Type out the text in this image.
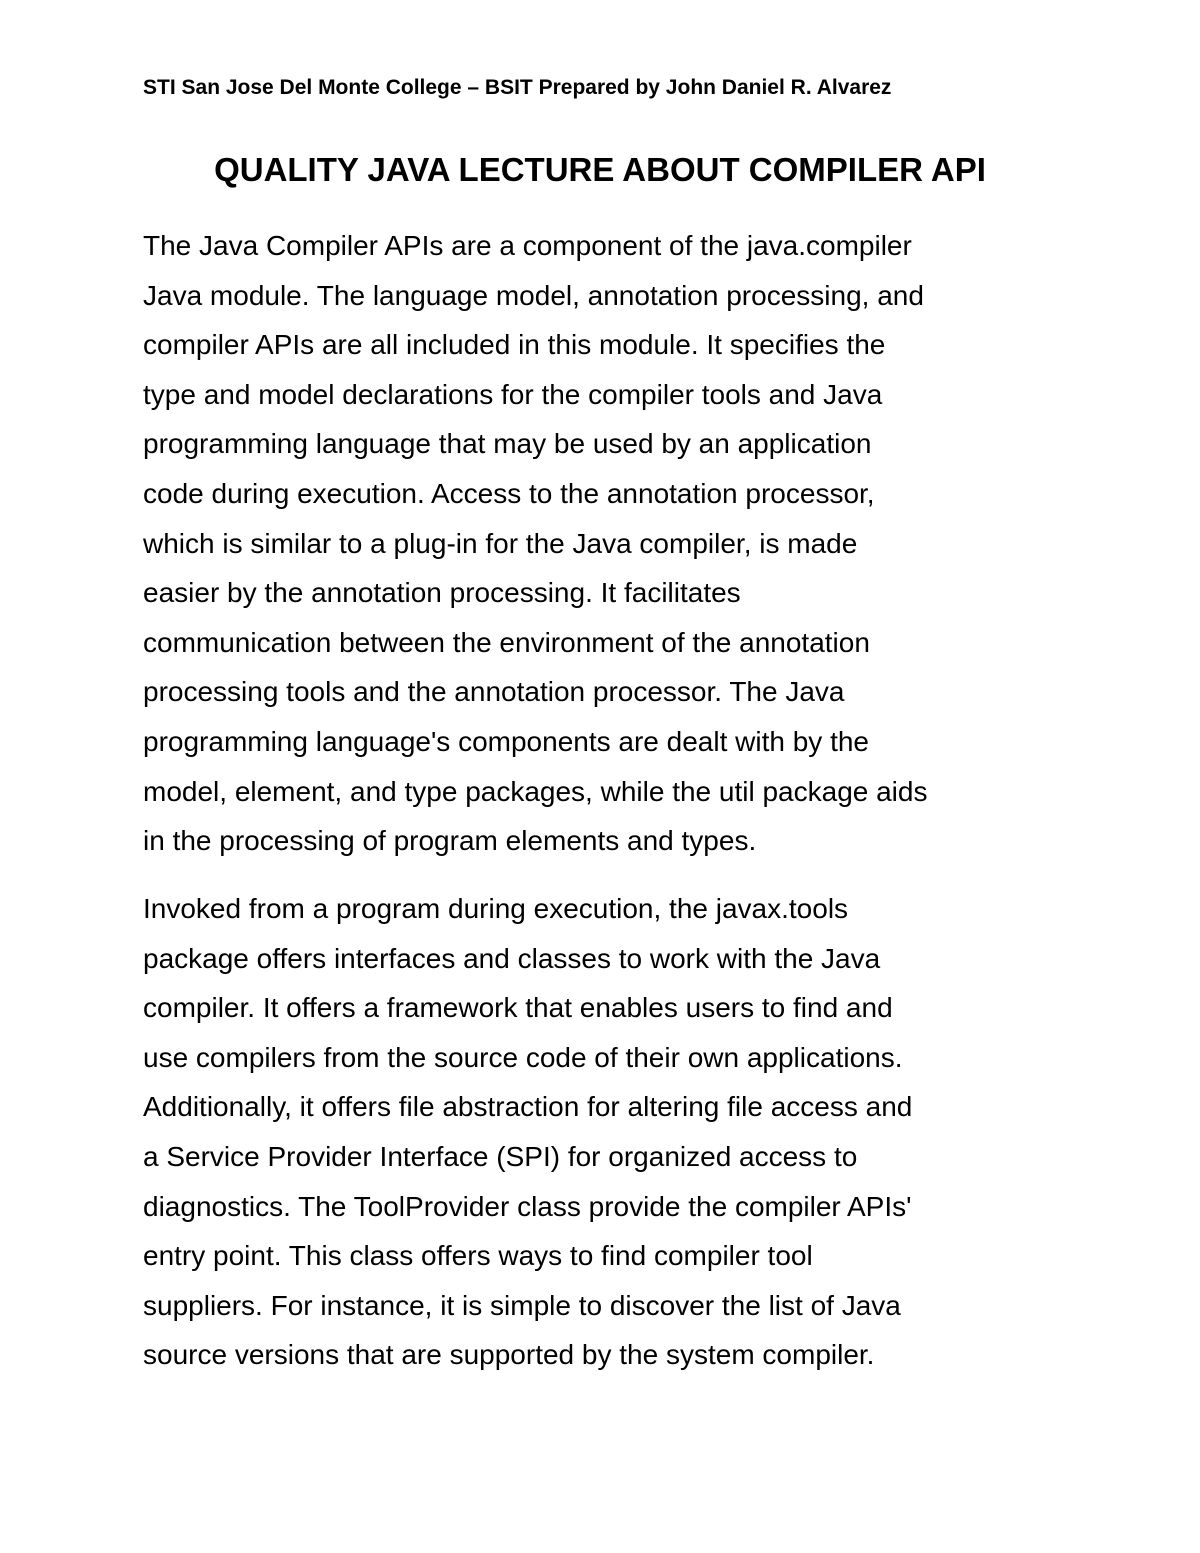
STI San Jose Del Monte College – BSIT Prepared by John Daniel R. Alvarez
QUALITY JAVA LECTURE ABOUT COMPILER API
The Java Compiler APIs are a component of the java.compiler
Java module. The language model, annotation processing, and
compiler APIs are all included in this module. It specifies the
type and model declarations for the compiler tools and Java
programming language that may be used by an application
code during execution. Access to the annotation processor,
which is similar to a plug-in for the Java compiler, is made
easier by the annotation processing. It facilitates
communication between the environment of the annotation
processing tools and the annotation processor. The Java
programming language's components are dealt with by the
model, element, and type packages, while the util package aids
in the processing of program elements and types.
Invoked from a program during execution, the javax.tools
package offers interfaces and classes to work with the Java
compiler. It offers a framework that enables users to find and
use compilers from the source code of their own applications.
Additionally, it offers file abstraction for altering file access and
a Service Provider Interface (SPI) for organized access to
diagnostics. The ToolProvider class provide the compiler APIs'
entry point. This class offers ways to find compiler tool
suppliers. For instance, it is simple to discover the list of Java
source versions that are supported by the system compiler.
